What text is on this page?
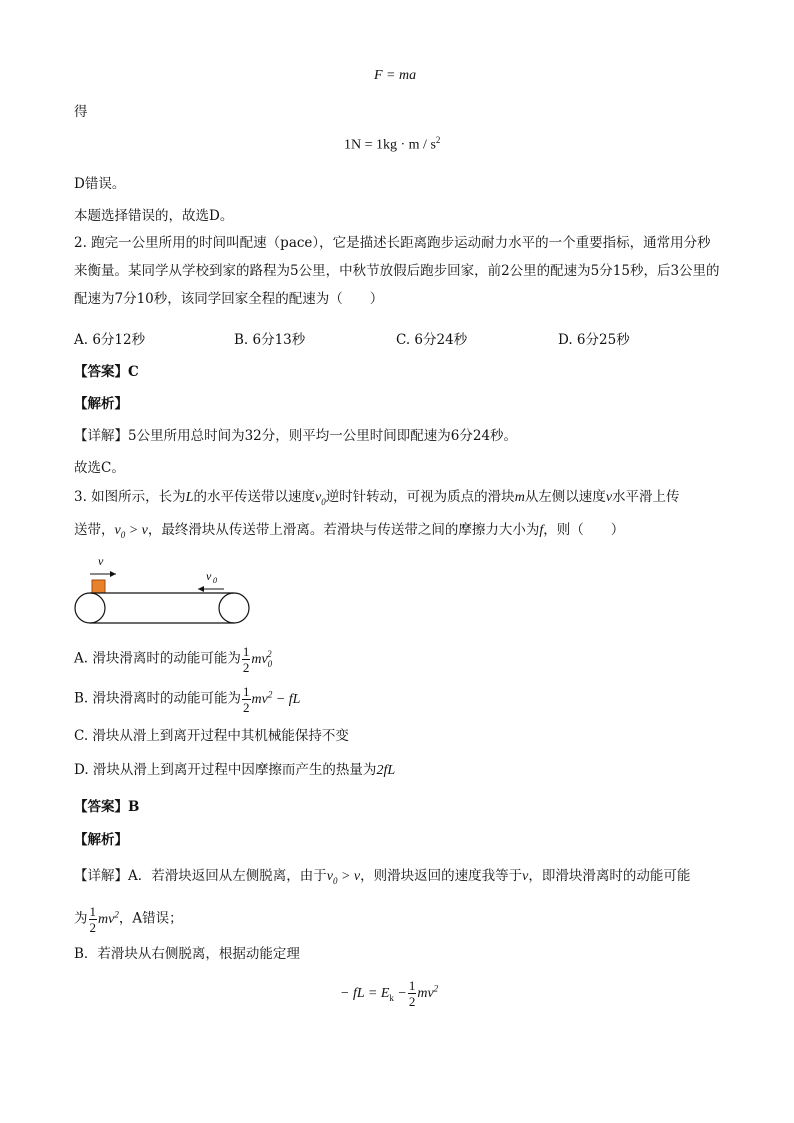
F = ma
得
$1N = 1kg \cdot m / s^2$
D错误。
本题选择错误的，故选D。
2. 跑完一公里所用的时间叫配速（pace），它是描述长距离跑步运动耐力水平的一个重要指标，通常用分秒来衡量。某同学从学校到家的路程为5公里，中秋节放假后跑步回家，前2公里的配速为5分15秒，后3公里的配速为7分10秒，该同学回家全程的配速为（　　）
A. 6分12秒	B. 6分13秒	C. 6分24秒	D. 6分25秒
【答案】C
【解析】
【详解】5公里所用总时间为32分，则平均一公里时间即配速为6分24秒。
故选C。
3. 如图所示，长为L的水平传送带以速度$v_0$逆时针转动，可视为质点的滑块m从左侧以速度v水平滑上传
送带，$v_0 > v$，最终滑块从传送带上滑离。若滑块与传送带之间的摩擦力大小为f，则（　　）
v
v 0
A. 滑块滑离时的动能可能为 $\frac{1}{2} mv_0^2$
B. 滑块滑离时的动能可能为 $\frac{1}{2} mv^2$ − fL
C. 滑块从滑上到离开过程中其机械能保持不变
D. 滑块从滑上到离开过程中因摩擦而产生的热量为2fL
【答案】B
【解析】
【详解】A．若滑块返回从左侧脱离，由于$v_0 > v$，则滑块返回的速度我等于v，即滑块滑离时的动能可能
为 $\frac{1}{2} mv^2$，A错误；
B．若滑块从右侧脱离，根据动能定理
− fL = $E_k - \frac{1}{2} mv^2$
